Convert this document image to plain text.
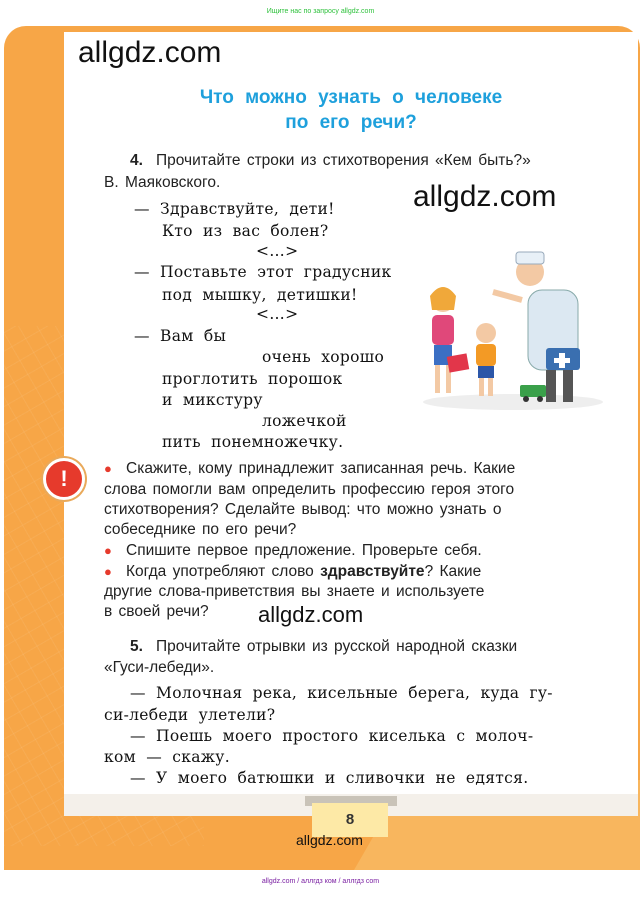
Ищите нас по запросу allgdz.com
8
allgdz.com
allgdz.com
allgdz.com
allgdz.com
Что можно узнать о человеке
по его речи?
4. Прочитайте строки из стихотворения «Кем быть?»
В. Маяковского.
— Здравствуйте, дети!
Кто из вас болен?
<…>
— Поставьте этот градусник
под мышку, детишки!
<…>
— Вам бы
очень хорошо
проглотить порошок
и микстуру
ложечкой
пить понемножечку.
!	● Скажите, кому принадлежит записанная речь. Какие
слова помогли вам определить профессию героя этого
стихотворения? Сделайте вывод: что можно узнать о
собеседнике по его речи?
● Спишите первое предложение. Проверьте себя.
● Когда употребляют слово здравствуйте? Какие
другие слова-приветствия вы знаете и используете
в своей речи?
5. Прочитайте отрывки из русской народной сказки
«Гуси-лебеди».
— Молочная река, кисельные берега, куда гу-
си-лебеди улетели?
— Поешь моего простого киселька с молоч-
ком — скажу.
— У моего батюшки и сливочки не едятся.
allgdz.com / аллгдз ком / аллгдз com
